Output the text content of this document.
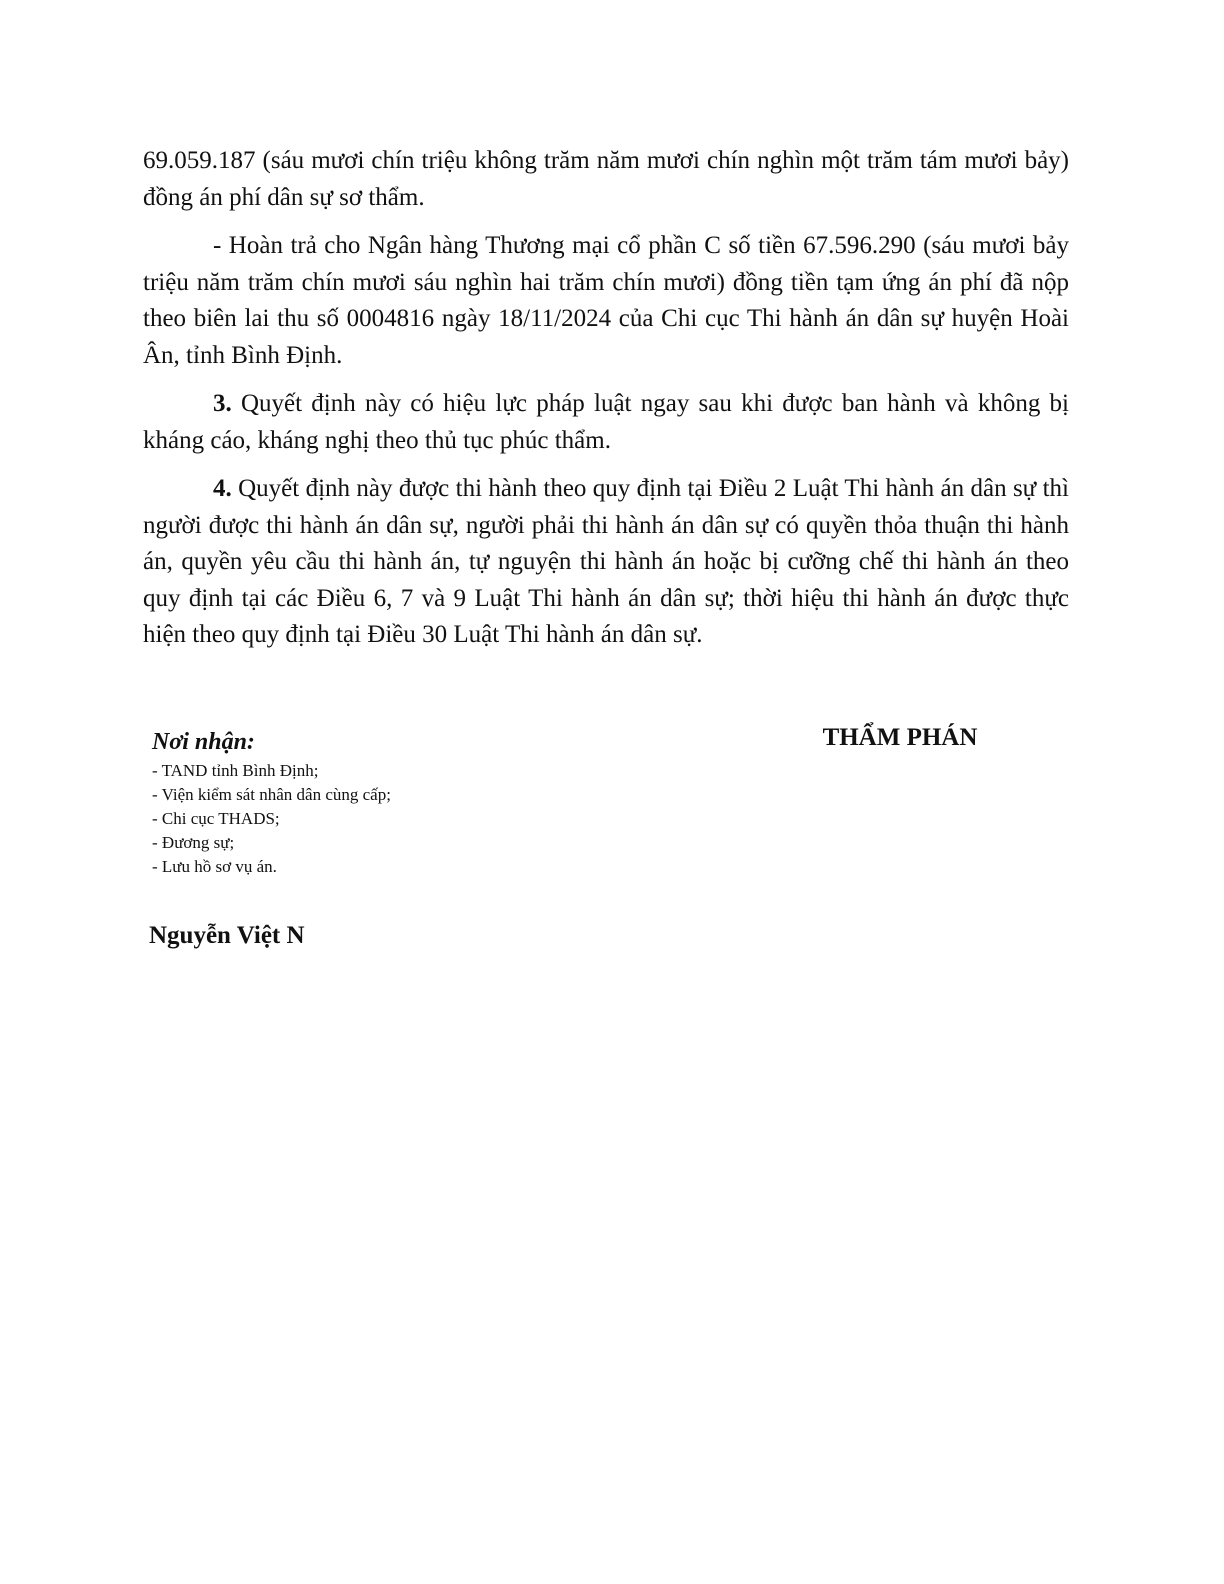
69.059.187 (sáu mươi chín triệu không trăm năm mươi chín nghìn một trăm tám mươi bảy) đồng án phí dân sự sơ thẩm.

- Hoàn trả cho Ngân hàng Thương mại cổ phần C số tiền 67.596.290 (sáu mươi bảy triệu năm trăm chín mươi sáu nghìn hai trăm chín mươi) đồng tiền tạm ứng án phí đã nộp theo biên lai thu số 0004816 ngày 18/11/2024 của Chi cục Thi hành án dân sự huyện Hoài Ân, tỉnh Bình Định.

3. Quyết định này có hiệu lực pháp luật ngay sau khi được ban hành và không bị kháng cáo, kháng nghị theo thủ tục phúc thẩm.

4. Quyết định này được thi hành theo quy định tại Điều 2 Luật Thi hành án dân sự thì người được thi hành án dân sự, người phải thi hành án dân sự có quyền thỏa thuận thi hành án, quyền yêu cầu thi hành án, tự nguyện thi hành án hoặc bị cưỡng chế thi hành án theo quy định tại các Điều 6, 7 và 9 Luật Thi hành án dân sự; thời hiệu thi hành án được thực hiện theo quy định tại Điều 30 Luật Thi hành án dân sự.

Nơi nhận:
- TAND tỉnh Bình Định;
- Viện kiểm sát nhân dân cùng cấp;
- Chi cục THADS;
- Đương sự;
- Lưu hồ sơ vụ án.
THẨM PHÁN
Nguyễn Việt N
